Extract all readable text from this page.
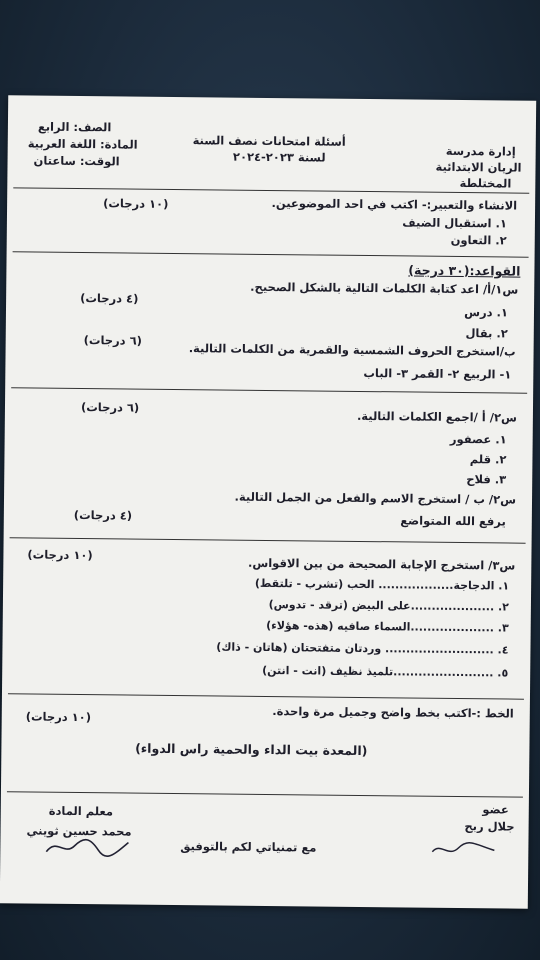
إدارة مدرسة
الريان الابتدائية
المختلطة
أسئلة امتحانات نصف السنة
لسنة ٢٠٢٣-٢٠٢٤
الصف: الرابع
المادة: اللغة العربية
الوقت: ساعتان
الانشاء والتعبير:- اكتب في احد الموضوعين.
(١٠ درجات)
١. استقبال الضيف
٢. التعاون
القواعد:(٣٠ درجة)
س١/أ/ اعد كتابة الكلمات التالية بالشكل الصحيح.
(٤ درجات)
١. درس
٢. بقال
ب/استخرج الحروف الشمسية والقمرية من الكلمات التالية.
(٦ درجات)
١- الربيع ٢- القمر ٣- الباب
(٦ درجات)
س٢/ أ /اجمع الكلمات التالية.
١. عصفور
٢. قلم
٣. فلاح
س٢/ ب / استخرج الاسم والفعل من الجمل التالية.
(٤ درجات)	يرفع الله المتواضع
(١٠ درجات)
س٣/ استخرج الإجابة الصحيحة من بين الاقواس.
١. الدجاجة.................. الحب (تشرب - تلتقط)
٢. ....................على البيض (ترقد - تدوس)
٣. ....................السماء صافيه (هذه- هؤلاء)
٤. .......................... وردتان متفتحتان (هاتان - ذاك)
٥. ........................تلميذ نظيف (انت - انتن)
الخط :-اكتب بخط واضح وجميل مرة واحدة.
(١٠ درجات)
(المعدة بيت الداء والحمية راس الدواء)
عضو
جلال ربح
مع تمنياتي لكم بالتوفيق
معلم المادة
محمد حسين ثويني
